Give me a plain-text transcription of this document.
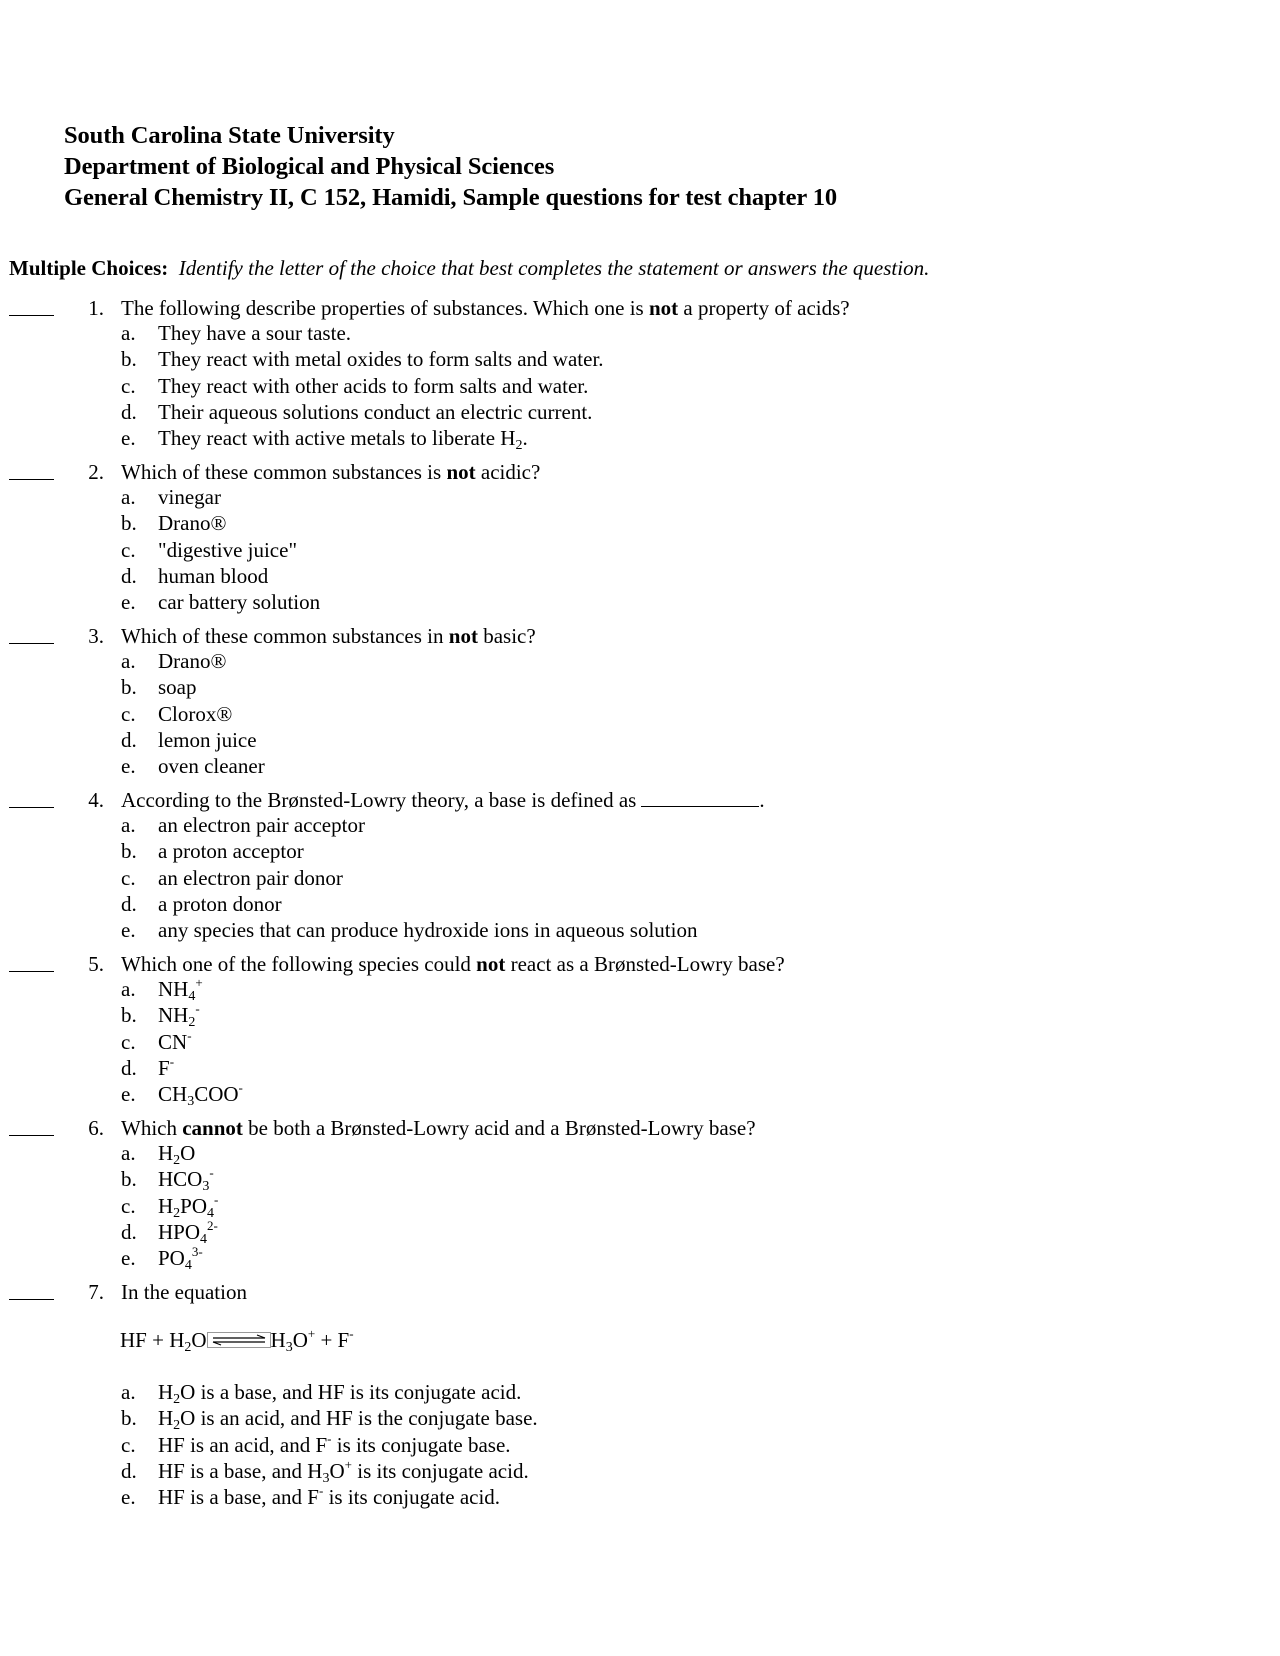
South Carolina State University
Department of Biological and Physical Sciences
General Chemistry II, C 152, Hamidi, Sample questions for test chapter 10
Multiple Choices: Identify the letter of the choice that best completes the statement or answers the question.
1. The following describe properties of substances. Which one is not a property of acids?
a.	They have a sour taste.
b.	They react with metal oxides to form salts and water.
c.	They react with other acids to form salts and water.
d.	Their aqueous solutions conduct an electric current.
e.	They react with active metals to liberate $H_2$.
2. Which of these common substances is not acidic?
a.	vinegar
b.	Drano®
c.	"digestive juice"
d.	human blood
e.	car battery solution
3. Which of these common substances in not basic?
a.	Drano®
b.	soap
c.	Clorox®
d.	lemon juice
e.	oven cleaner
4. According to the Brønsted-Lowry theory, a base is defined as	.
a.	an electron pair acceptor
b.	a proton acceptor
c.	an electron pair donor
d.	a proton donor
e.	any species that can produce hydroxide ions in aqueous solution
5. Which one of the following species could not react as a Brønsted-Lowry base?
a.	$NH_4^+$
b.	$NH_2^-$
c.	CN-
d.	F-
e.	$CH_3COO^-$
6. Which cannot be both a Brønsted-Lowry acid and a Brønsted-Lowry base?
a.	$H_2O$
b.	$HCO_3^-$
c.	$H_2PO_4^-$
d.	$HPO_4^{2-}$
e.	$PO_4^{3-}$
7. In the equation
HF + $H_2O$	$H_3O^+ + F^-$
a.	$H_2O$ is a base, and HF is its conjugate acid.
b.	$H_2O$ is an acid, and HF is the conjugate base.
c.	HF is an acid, and F- is its conjugate base.
d.	HF is a base, and $H_3O^+$ is its conjugate acid.
e.	HF is a base, and F- is its conjugate acid.
